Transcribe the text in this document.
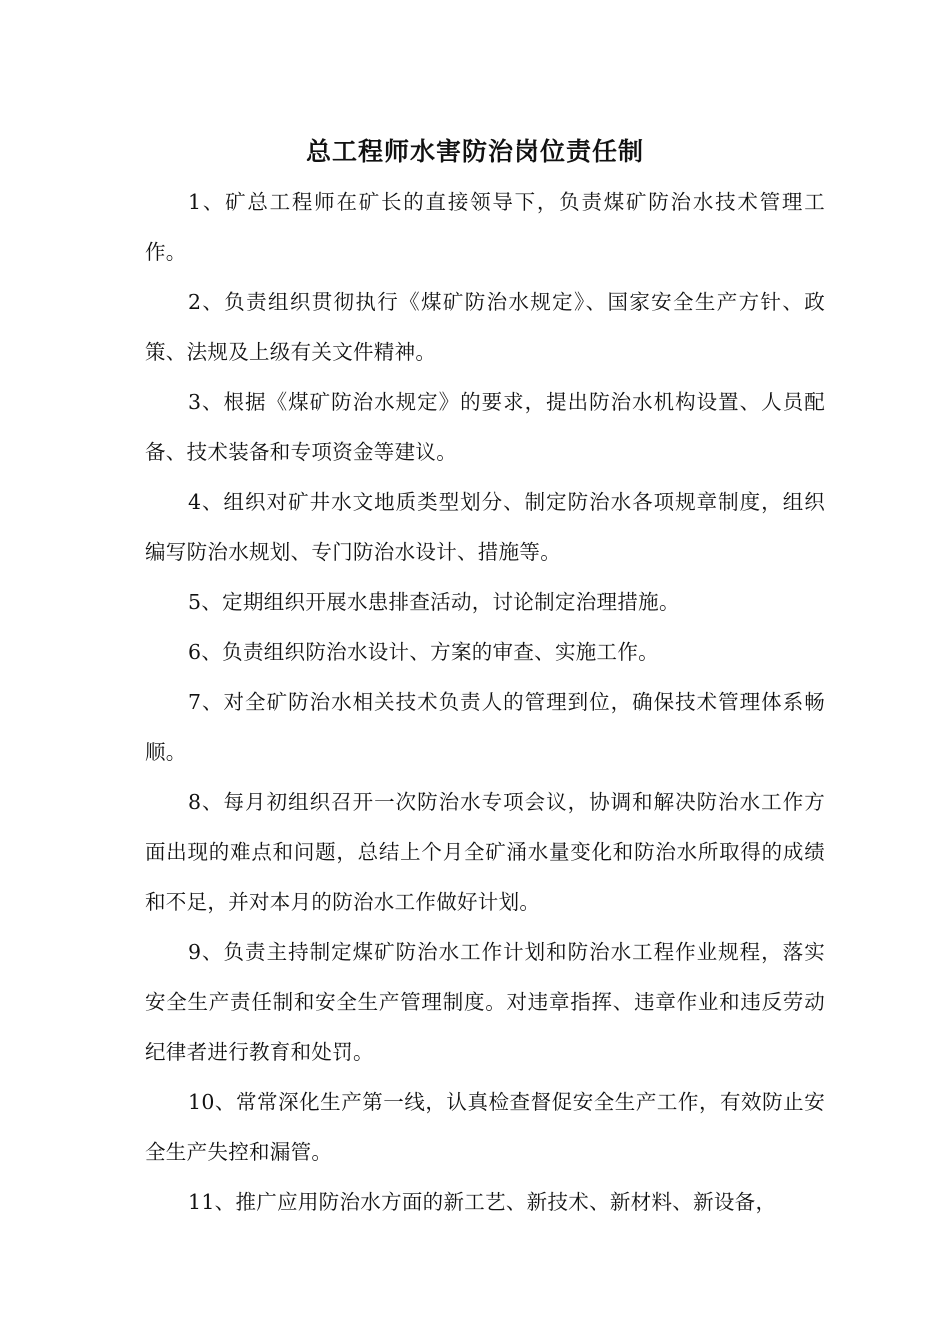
总工程师水害防治岗位责任制

1、矿总工程师在矿长的直接领导下，负责煤矿防治水技术管理工作。

2、负责组织贯彻执行《煤矿防治水规定》、国家安全生产方针、政策、法规及上级有关文件精神。

3、根据《煤矿防治水规定》的要求，提出防治水机构设置、人员配备、技术装备和专项资金等建议。

4、组织对矿井水文地质类型划分、制定防治水各项规章制度，组织编写防治水规划、专门防治水设计、措施等。

5、定期组织开展水患排查活动，讨论制定治理措施。

6、负责组织防治水设计、方案的审查、实施工作。

7、对全矿防治水相关技术负责人的管理到位，确保技术管理体系畅顺。

8、每月初组织召开一次防治水专项会议，协调和解决防治水工作方面出现的难点和问题，总结上个月全矿涌水量变化和防治水所取得的成绩和不足，并对本月的防治水工作做好计划。

9、负责主持制定煤矿防治水工作计划和防治水工程作业规程，落实安全生产责任制和安全生产管理制度。对违章指挥、违章作业和违反劳动纪律者进行教育和处罚。

10、常常深化生产第一线，认真检查督促安全生产工作，有效防止安全生产失控和漏管。

11、推广应用防治水方面的新工艺、新技术、新材料、新设备，
